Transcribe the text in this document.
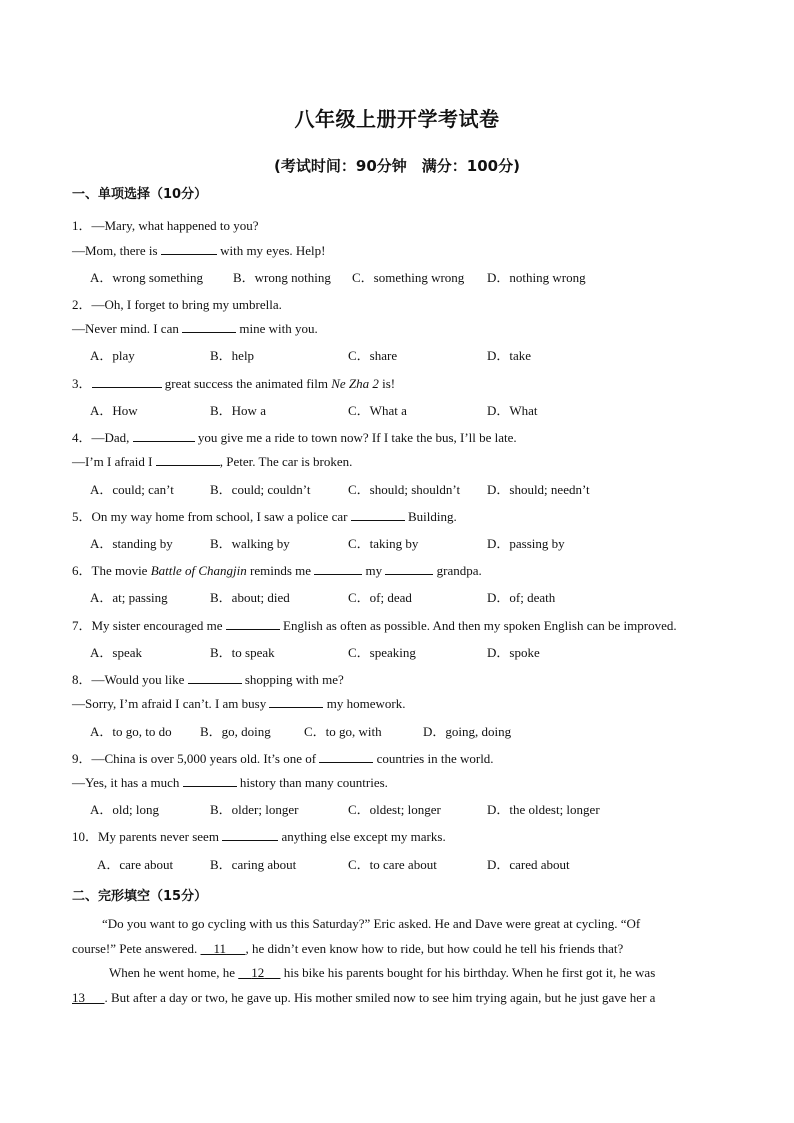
八年级上册开学考试卷
(考试时间：90分钟　满分：100分)
一、单项选择（10分）
1．—Mary, what happened to you?
—Mom, there is	with my eyes. Help!
A．wrong something B．wrong nothing C．something wrong D．nothing wrong
2．—Oh, I forget to bring my umbrella.
—Never mind. I can	mine with you.
A．play	B．help	C．share	D．take
3．	great success the animated film Ne Zha 2 is!
A．How	B．How a	C．What a	D．What
4．—Dad,	you give me a ride to town now? If I take the bus, I’ll be late.
—I’m I afraid I	, Peter. The car is broken.
A．could; can’t	B．could; couldn’t	C．should; shouldn’t D．should; needn’t
5．On my way home from school, I saw a police car	Building.
A．standing by	B．walking by	C．taking by	D．passing by
6．The movie Battle of Changjin reminds me	my	grandpa.
A．at; passing	B．about; died	C．of; dead	D．of; death
7．My sister encouraged me	English as often as possible. And then my spoken English can be improved.
A．speak	B．to speak	C．speaking	D．spoke
8．—Would you like	shopping with me?
—Sorry, I’m afraid I can’t. I am busy	my homework.
A．to go, to do B．go, doing	C．to go, with	D．going, doing
9．—China is over 5,000 years old. It’s one of	countries in the world.
—Yes, it has a much	history than many countries.
A．old; long	B．older; longer	C．oldest; longer	D．the oldest; longer
10．My parents never seem	anything else except my marks.
A．care about	B．caring about	C．to care about	D．cared about
二、完形填空（15分）
“Do you want to go cycling with us this Saturday?” Eric asked. He and Dave were great at cycling. “Of
course!” Pete answered.     11 , he didn’t even know how to ride, but how could he tell his friends that?
When he went home, he     12      his bike his parents bought for his birthday. When he first got it, he was
13 . But after a day or two, he gave up. His mother smiled now to see him trying again, but he just gave her a
